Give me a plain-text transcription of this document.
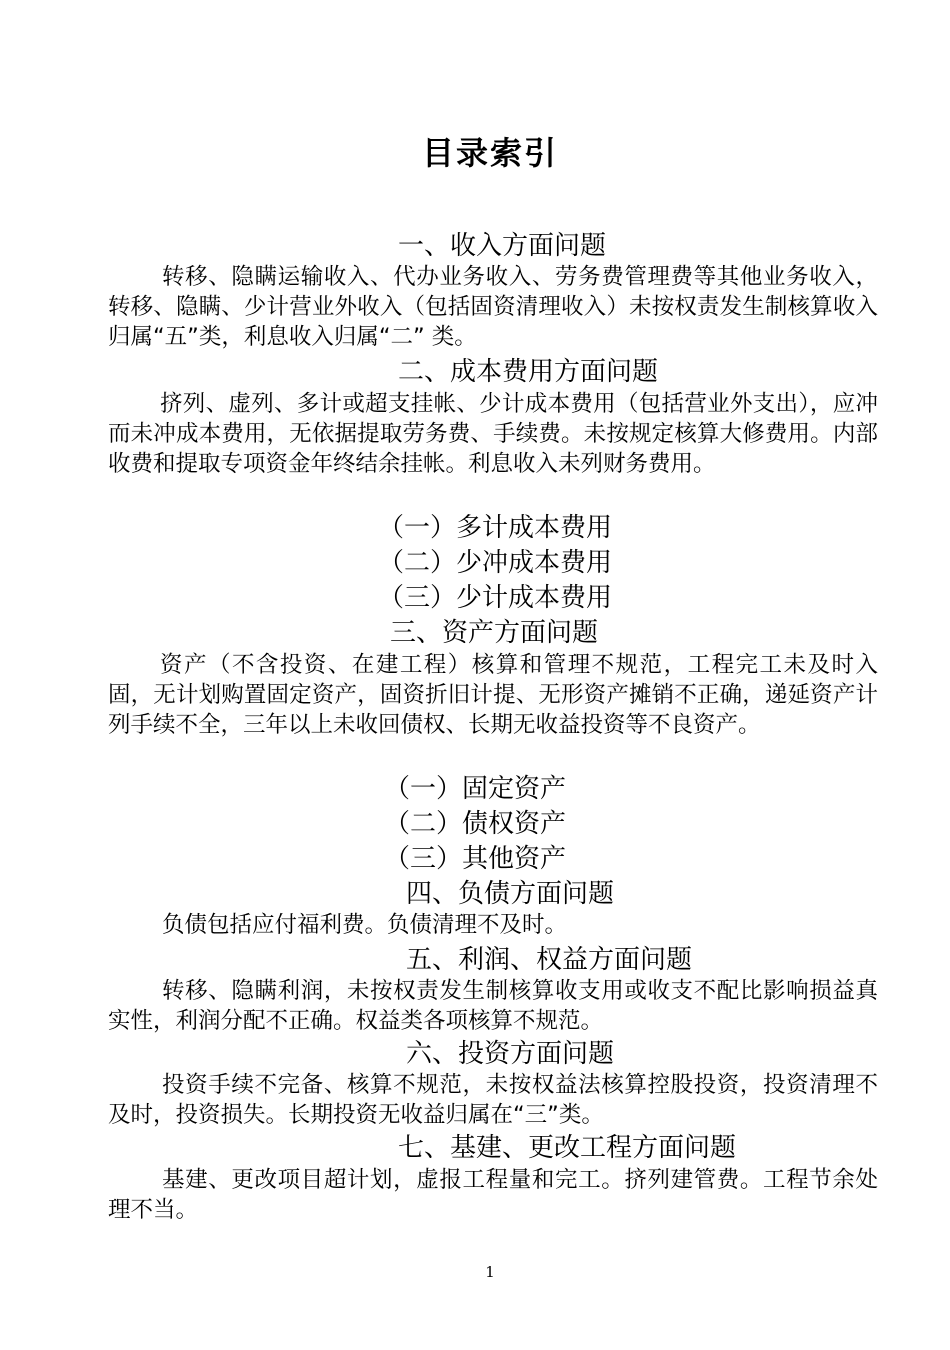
目录索引
一、收入方面问题
转移、隐瞒运输收入、代办业务收入、劳务费管理费等其他业务收入，转移、隐瞒、少计营业外收入（包括固资清理收入）未按权责发生制核算收入归属“五”类，利息收入归属“二” 类。
二、成本费用方面问题
挤列、虚列、多计或超支挂帐、少计成本费用（包括营业外支出），应冲而未冲成本费用，无依据提取劳务费、手续费。未按规定核算大修费用。内部收费和提取专项资金年终结余挂帐。利息收入未列财务费用。
（一）多计成本费用
（二）少冲成本费用
（三）少计成本费用
三、资产方面问题
资产（不含投资、在建工程）核算和管理不规范，工程完工未及时入固，无计划购置固定资产，固资折旧计提、无形资产摊销不正确，递延资产计列手续不全，三年以上未收回债权、长期无收益投资等不良资产。
（一）固定资产
（二）债权资产
（三）其他资产
四、负债方面问题
负债包括应付福利费。负债清理不及时。
五、利润、权益方面问题
转移、隐瞒利润，未按权责发生制核算收支用或收支不配比影响损益真实性，利润分配不正确。权益类各项核算不规范。
六、投资方面问题
投资手续不完备、核算不规范，未按权益法核算控股投资，投资清理不及时，投资损失。长期投资无收益归属在“三”类。
七、基建、更改工程方面问题
基建、更改项目超计划，虚报工程量和完工。挤列建管费。工程节余处理不当。
1
